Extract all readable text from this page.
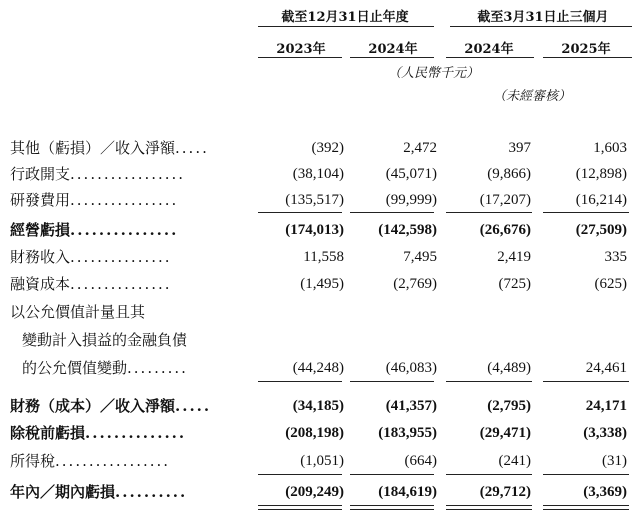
截至12月31日止年度	截至3月31日止三個月
2023年	2024年	2024年	2025年
（人民幣千元）
（未經審核）
其他（虧損）／收入淨額.....	(392)	2,472	397	1,603
行政開支.................	(38,104)	(45,071)	(9,866)	(12,898)
研發費用................	(135,517)	(99,999)	(17,207)	(16,214)
經營虧損...............	(174,013)	(142,598)	(26,676)	(27,509)
財務收入...............	11,558	7,495	2,419	335
融資成本...............	(1,495)	(2,769)	(725)	(625)
以公允價值計量且其
變動計入損益的金融負債
的公允價值變動.........	(44,248)	(46,083)	(4,489)	24,461
財務（成本）／收入淨額.....	(34,185)	(41,357)	(2,795)	24,171
除稅前虧損..............	(208,198)	(183,955)	(29,471)	(3,338)
所得稅.................	(1,051)	(664)	(241)	(31)
年內／期內虧損..........	(209,249)	(184,619)	(29,712)	(3,369)
